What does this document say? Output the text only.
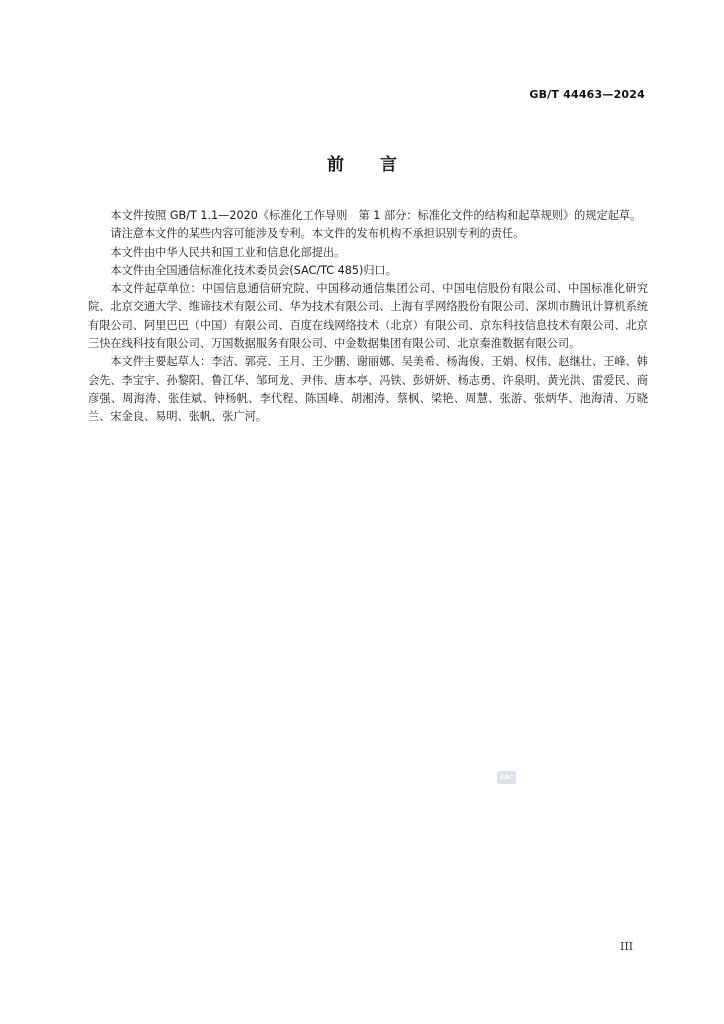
GB/T 44463—2024
前言

本文件按照 GB/T 1.1—2020《标准化工作导则　第 1 部分：标准化文件的结构和起草规则》的规定起草。

请注意本文件的某些内容可能涉及专利。本文件的发布机构不承担识别专利的责任。

本文件由中华人民共和国工业和信息化部提出。

本文件由全国通信标准化技术委员会(SAC/TC 485)归口。

本文件起草单位：中国信息通信研究院、中国移动通信集团公司、中国电信股份有限公司、中国标准化研究院、北京交通大学、维谛技术有限公司、华为技术有限公司、上海有孚网络股份有限公司、深圳市腾讯计算机系统有限公司、阿里巴巴（中国）有限公司、百度在线网络技术（北京）有限公司、京东科技信息技术有限公司、北京三快在线科技有限公司、万国数据服务有限公司、中金数据集团有限公司、北京秦淮数据有限公司。

本文件主要起草人：李洁、郭亮、王月、王少鹏、谢丽娜、吴美希、杨海俊、王娟、权伟、赵继壮、王峰、韩会先、李宝宇、孙黎阳、鲁江华、邹珂龙、尹伟、唐本亭、冯铁、彭妍妍、杨志勇、许泉明、黄光洪、雷爱民、商彦强、周海涛、张佳斌、钟杨帆、李代程、陈国峰、胡湘涛、蔡枫、梁艳、周慧、张游、张炳华、池海清、万晓兰、宋金良、易明、张帆、张广河。

SAC
III
